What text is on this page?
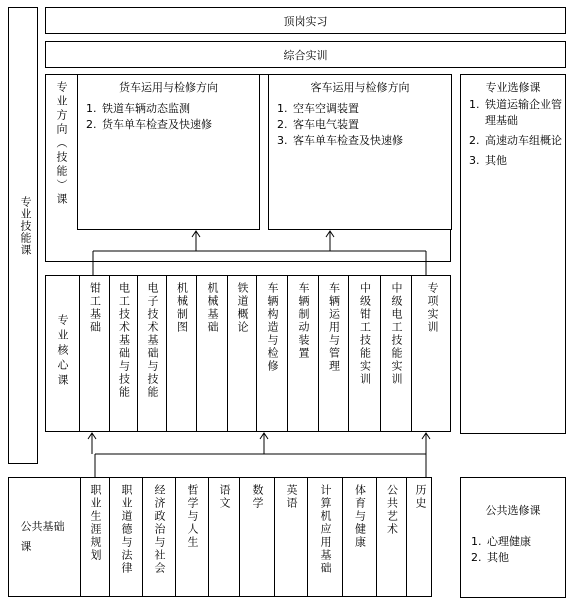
专业技能课
顶岗实习
综合实训
专业方向（技能）课	货车运用与检修方向
1. 铁道车辆动态监测
2. 货车单车检查及快速修
客车运用与检修方向
1. 空车空调装置
2. 客车电气装置
3. 客车单车检查及快速修
专业选修课
1. 铁道运输企业管理基础
2. 高速动车组概论
3. 其他
专业核心课
钳工基础 电工技术基础与技能 电子技术基础与技能 机械制图 机械基础 铁道概论 车辆构造与检修 车辆制动装置 车辆运用与管理 中级钳工技能实训 中级电工技能实训 专项实训
公共基础课	职业生涯规划 职业道德与法律 经济政治与社会 哲学与人生 语文 数学 英语 计算机应用基础 体育与健康 公共艺术 历史
公共选修课
1. 心理健康
2. 其他
